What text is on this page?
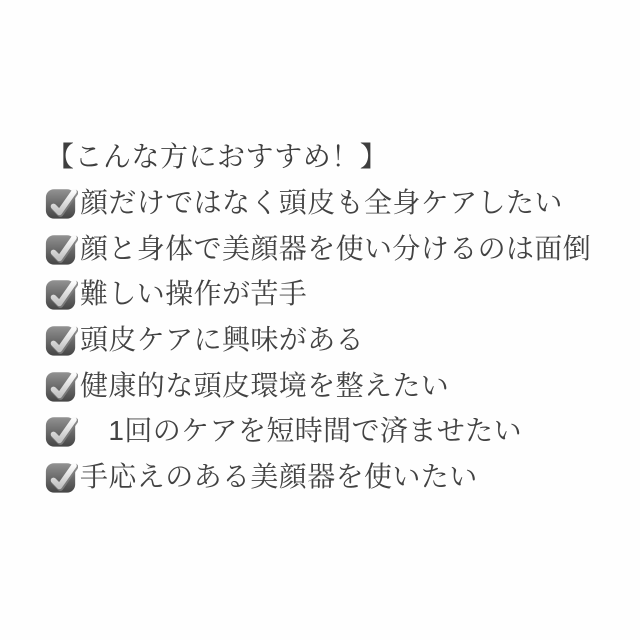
【こんな方におすすめ！】
顔だけではなく頭皮も全身ケアしたい
顔と身体で美顔器を使い分けるのは面倒
難しい操作が苦手
頭皮ケアに興味がある
健康的な頭皮環境を整えたい
　1回のケアを短時間で済ませたい
手応えのある美顔器を使いたい
